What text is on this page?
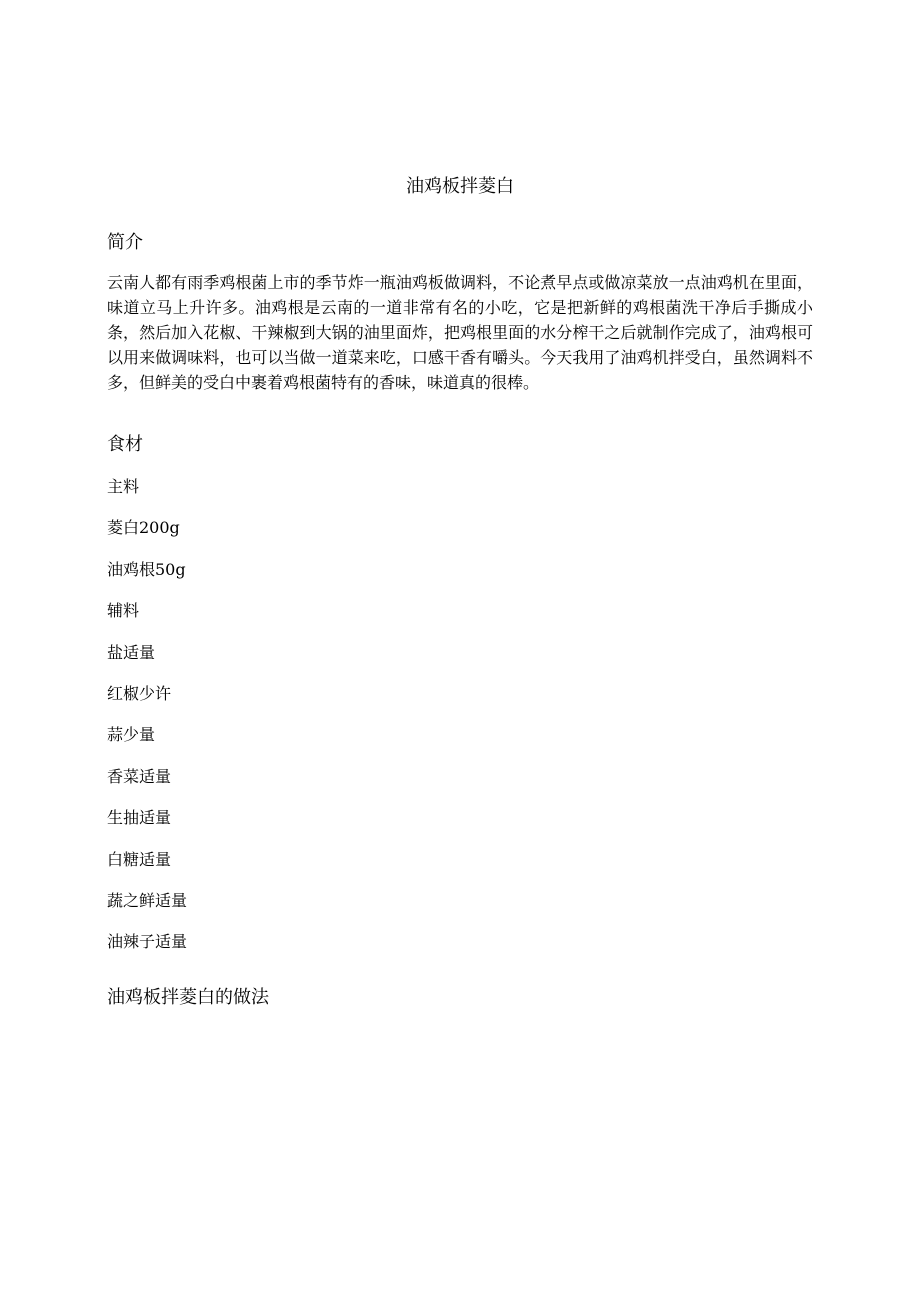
油鸡板拌菱白
简介

云南人都有雨季鸡根菌上市的季节炸一瓶油鸡板做调料，不论煮早点或做凉菜放一点油鸡机在里面，味道立马上升许多。油鸡根是云南的一道非常有名的小吃，它是把新鲜的鸡根菌洗干净后手撕成小条，然后加入花椒、干辣椒到大锅的油里面炸，把鸡根里面的水分榨干之后就制作完成了，油鸡根可以用来做调味料，也可以当做一道菜来吃，口感干香有嚼头。今天我用了油鸡机拌受白，虽然调料不多，但鲜美的受白中裹着鸡根菌特有的香味，味道真的很棒。

食材
主料
菱白200g
油鸡根50g
辅料
盐适量
红椒少许
蒜少量
香菜适量
生抽适量
白糖适量
蔬之鲜适量
油辣子适量
油鸡板拌菱白的做法
